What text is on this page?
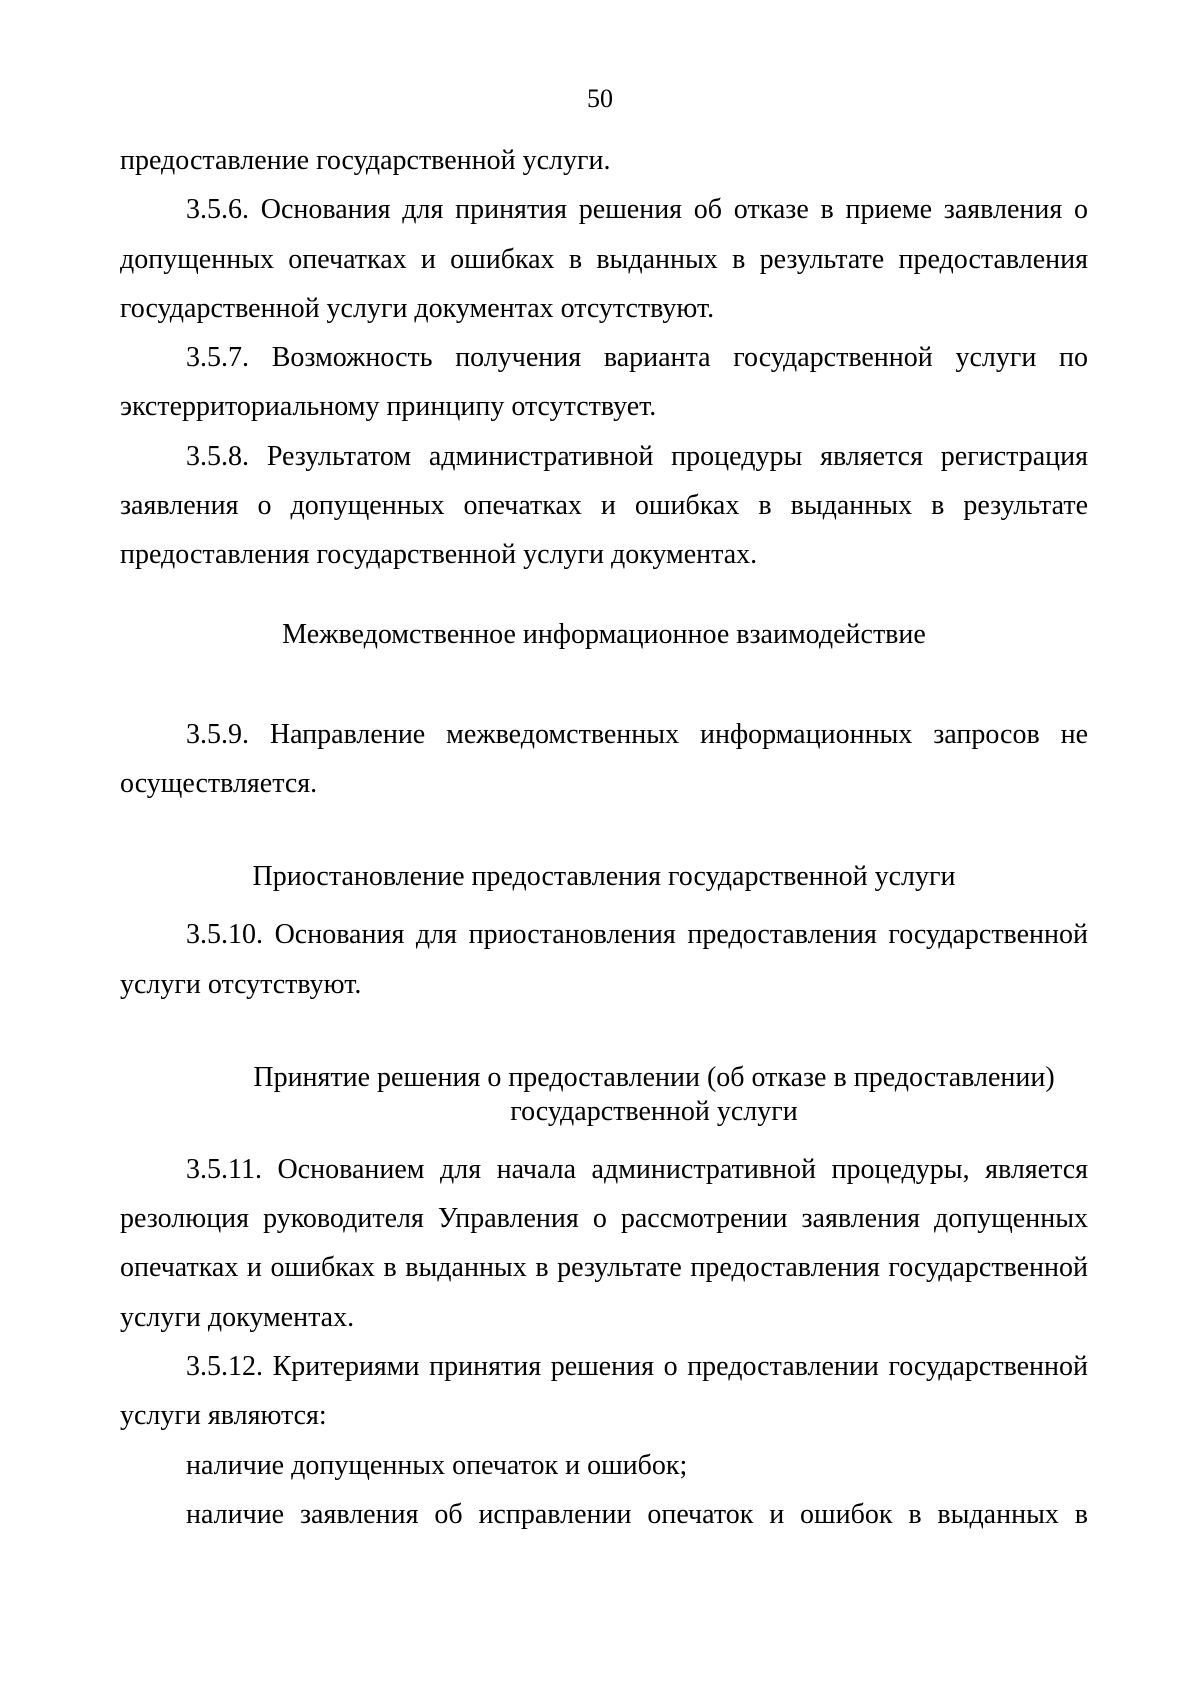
50

предоставление государственной услуги.

3.5.6. Основания для принятия решения об отказе в приеме заявления о допущенных опечатках и ошибках в выданных в результате предоставления государственной услуги документах отсутствуют.

3.5.7. Возможность получения варианта государственной услуги по экстерриториальному принципу отсутствует.

3.5.8. Результатом административной процедуры является регистрация заявления о допущенных опечатках и ошибках в выданных в результате предоставления государственной услуги документах.

Межведомственное информационное взаимодействие

3.5.9. Направление межведомственных информационных запросов не осуществляется.

Приостановление предоставления государственной услуги

3.5.10. Основания для приостановления предоставления государственной услуги отсутствуют.

Принятие решения о предоставлении (об отказе в предоставлении) государственной услуги

3.5.11. Основанием для начала административной процедуры, является резолюция руководителя Управления о рассмотрении заявления допущенных опечатках и ошибках в выданных в результате предоставления государственной услуги документах.

3.5.12. Критериями принятия решения о предоставлении государственной услуги являются:

наличие допущенных опечаток и ошибок;

наличие заявления об исправлении опечаток и ошибок в выданных в
